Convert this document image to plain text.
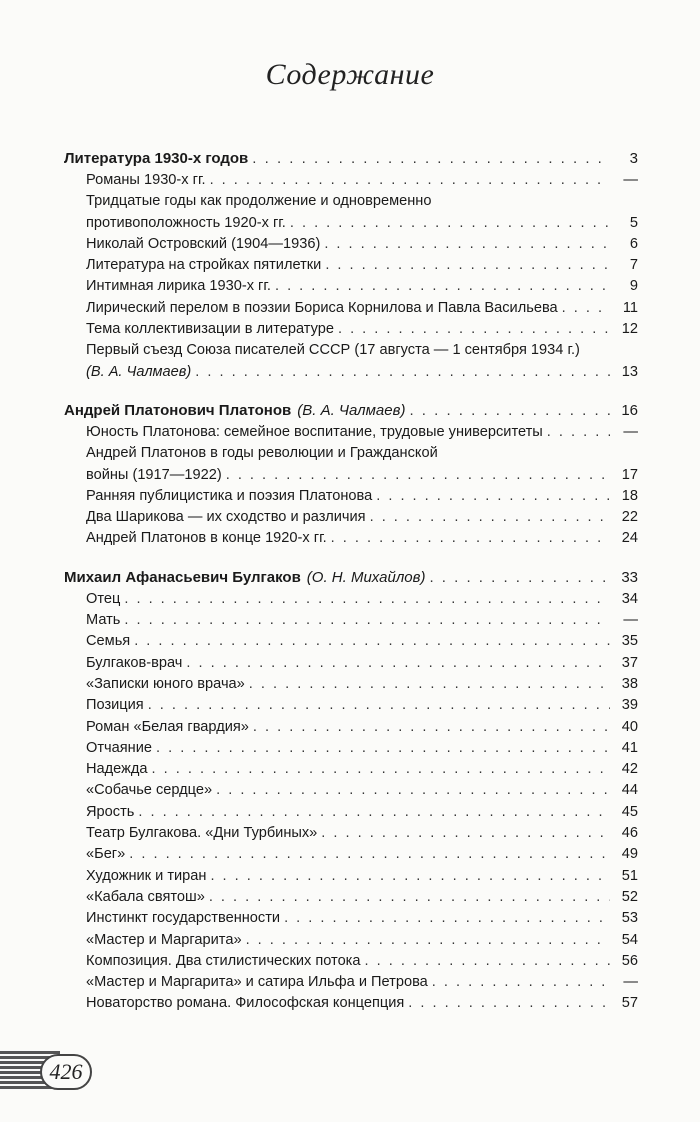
Содержание
Литература 1930-х годов . . .	3
Романы 1930-х гг. . . .	—
Тридцатые годы как продолжение и одновременно
противоположность 1920-х гг. . . .	5
Николай Островский (1904—1936) . . .	6
Литература на стройках пятилетки . . .	7
Интимная лирика 1930-х гг. . . .	9
Лирический перелом в поэзии Бориса Корнилова и Павла Васильева . . .	11
Тема коллективизации в литературе . . .	12
Первый съезд Союза писателей СССР (17 августа — 1 сентября 1934 г.)
(В. А. Чалмаев) . . .	13
Андрей Платонович Платонов (В. А. Чалмаев) . . .	16
Юность Платонова: семейное воспитание, трудовые университеты . . .	—
Андрей Платонов в годы революции и Гражданской
войны (1917—1922) . . .	17
Ранняя публицистика и поэзия Платонова . . .	18
Два Шарикова — их сходство и различия . . .	22
Андрей Платонов в конце 1920-х гг. . . .	24
Михаил Афанасьевич Булгаков (О. Н. Михайлов) . . .	33
Отец . . .	34
Мать . . .	—
Семья . . .	35
Булгаков-врач . . .	37
«Записки юного врача» . . .	38
Позиция . . .	39
Роман «Белая гвардия» . . .	40
Отчаяние . . .	41
Надежда . . .	42
«Собачье сердце» . . .	44
Ярость . . .	45
Театр Булгакова. «Дни Турбиных» . . .	46
«Бег» . . .	49
Художник и тиран . . .	51
«Кабала святош» . . .	52
Инстинкт государственности . . .	53
«Мастер и Маргарита» . . .	54
Композиция. Два стилистических потока . . .	56
«Мастер и Маргарита» и сатира Ильфа и Петрова . . .	—
Новаторство романа. Философская концепция . . .	57
426
